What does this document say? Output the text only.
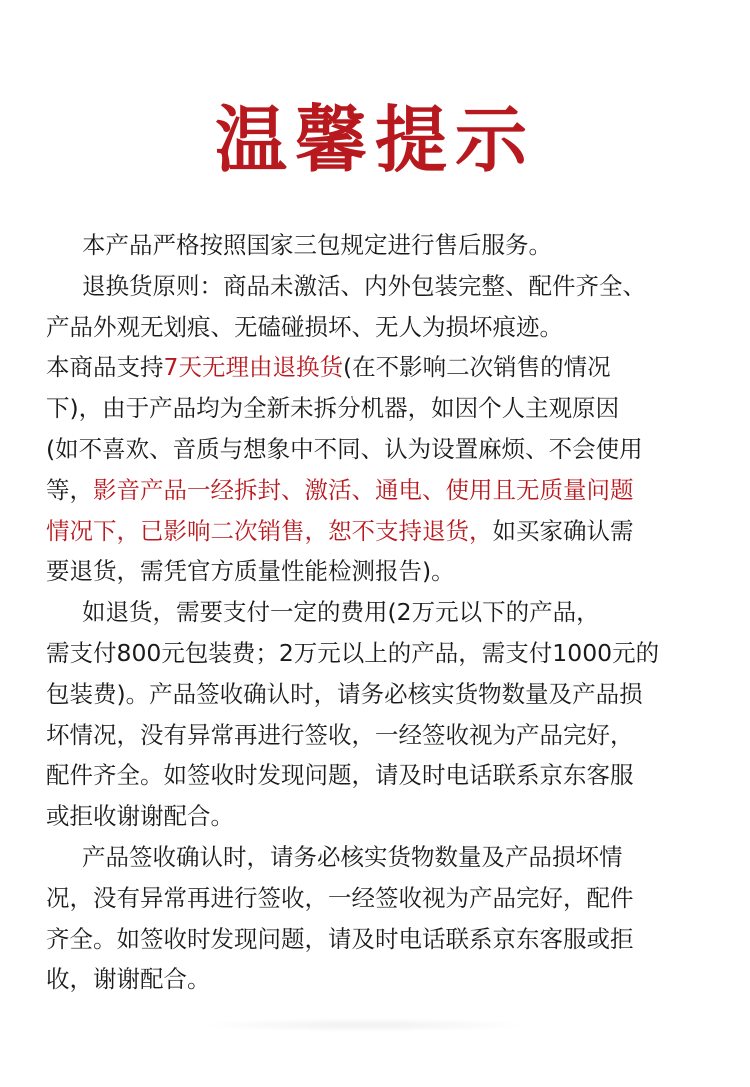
温馨提示
本产品严格按照国家三包规定进行售后服务。
退换货原则：商品未激活、内外包装完整、配件齐全、
产品外观无划痕、无磕碰损坏、无人为损坏痕迹。
本商品支持7天无理由退换货(在不影响二次销售的情况
下)，由于产品均为全新未拆分机器，如因个人主观原因
(如不喜欢、音质与想象中不同、认为设置麻烦、不会使用
等，影音产品一经拆封、激活、通电、使用且无质量问题
情况下，已影响二次销售，恕不支持退货，如买家确认需
要退货，需凭官方质量性能检测报告)。
如退货，需要支付一定的费用(2万元以下的产品，
需支付800元包装费；2万元以上的产品，需支付1000元的
包装费)。产品签收确认时，请务必核实货物数量及产品损
坏情况，没有异常再进行签收，一经签收视为产品完好，
配件齐全。如签收时发现问题，请及时电话联系京东客服
或拒收谢谢配合。
产品签收确认时，请务必核实货物数量及产品损坏情
况，没有异常再进行签收，一经签收视为产品完好，配件
齐全。如签收时发现问题，请及时电话联系京东客服或拒
收，谢谢配合。
